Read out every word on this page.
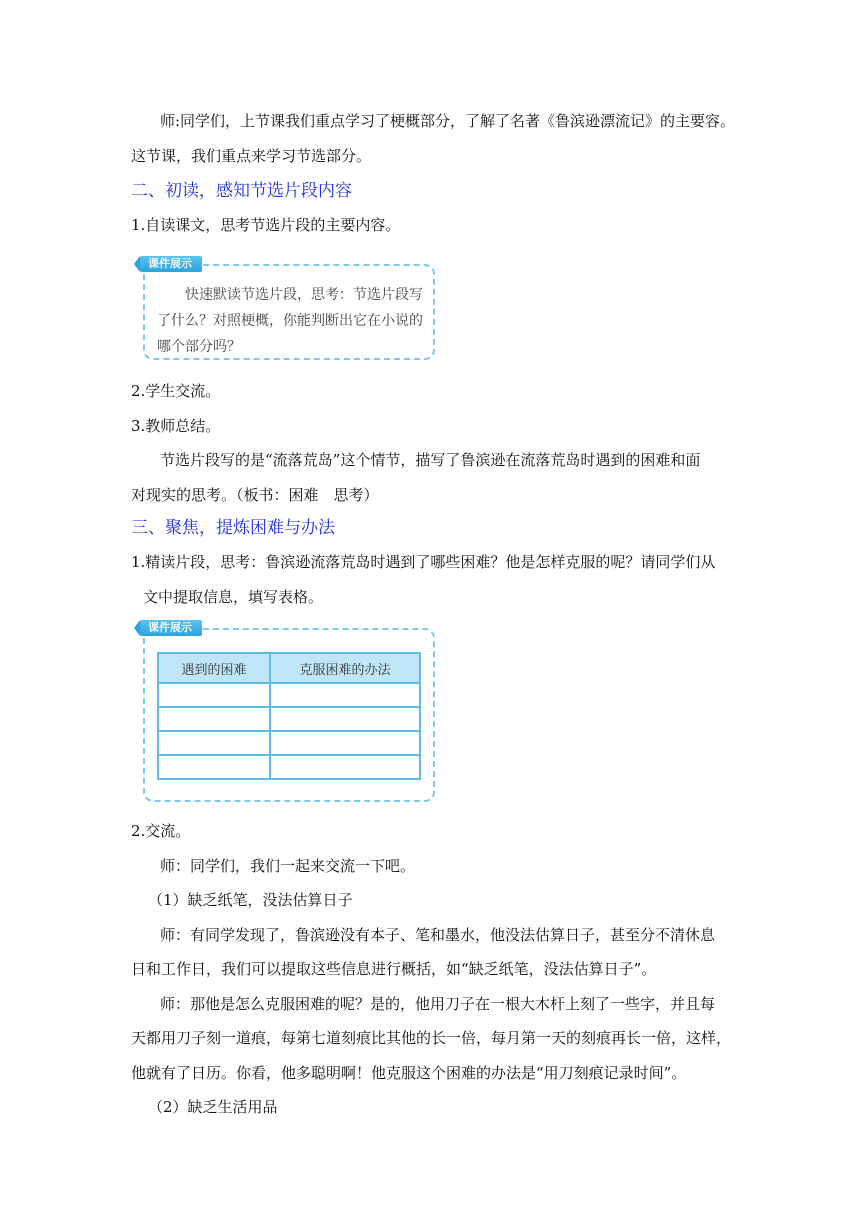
师:同学们，上节课我们重点学习了梗概部分，了解了名著《鲁滨逊漂流记》的主要容。
这节课，我们重点来学习节选部分。
二、初读，感知节选片段内容
1.自读课文，思考节选片段的主要内容。
快速默读节选片段，思考：节选片段写
了什么？对照梗概，你能判断出它在小说的
哪个部分吗？
课件展示
2.学生交流。
3.教师总结。
节选片段写的是“流落荒岛”这个情节，描写了鲁滨逊在流落荒岛时遇到的困难和面
对现实的思考。（板书：困难　思考）
三、聚焦，提炼困难与办法
1.精读片段，思考：鲁滨逊流落荒岛时遇到了哪些困难？他是怎样克服的呢？请同学们从
文中提取信息，填写表格。
遇到的困难	克服困难的办法

课件展示
2.交流。
师：同学们，我们一起来交流一下吧。
（1）缺乏纸笔，没法估算日子
师：有同学发现了，鲁滨逊没有本子、笔和墨水，他没法估算日子，甚至分不清休息
日和工作日，我们可以提取这些信息进行概括，如“缺乏纸笔，没法估算日子”。
师：那他是怎么克服困难的呢？是的，他用刀子在一根大木杆上刻了一些字，并且每
天都用刀子刻一道痕，每第七道刻痕比其他的长一倍，每月第一天的刻痕再长一倍，这样，
他就有了日历。你看，他多聪明啊！他克服这个困难的办法是“用刀刻痕记录时间”。
（2）缺乏生活用品
